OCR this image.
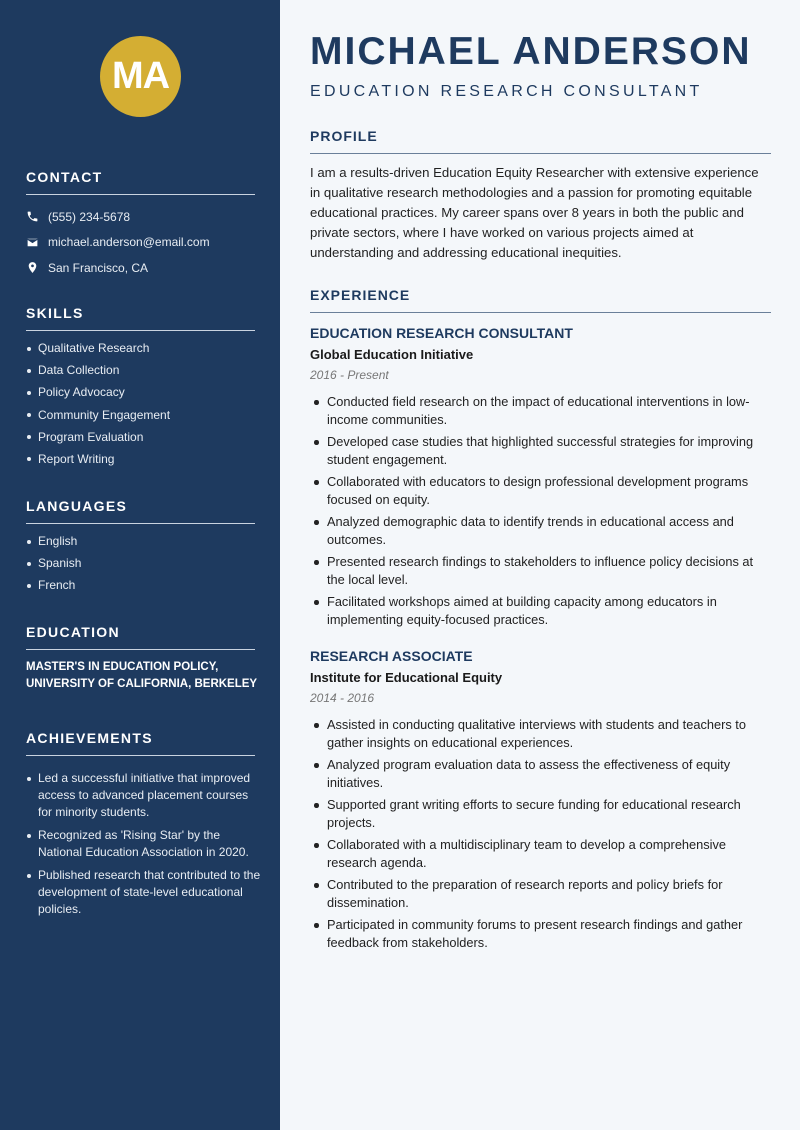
MA
CONTACT
(555) 234-5678
michael.anderson@email.com
San Francisco, CA
SKILLS
Qualitative Research
Data Collection
Policy Advocacy
Community Engagement
Program Evaluation
Report Writing
LANGUAGES
English
Spanish
French
EDUCATION
MASTER'S IN EDUCATION POLICY,
UNIVERSITY OF CALIFORNIA, BERKELEY
ACHIEVEMENTS
Led a successful initiative that improved access to advanced placement courses for minority students.
Recognized as 'Rising Star' by the National Education Association in 2020.
Published research that contributed to the development of state-level educational policies.
MICHAEL ANDERSON
EDUCATION RESEARCH CONSULTANT
PROFILE
I am a results-driven Education Equity Researcher with extensive experience in qualitative research methodologies and a passion for promoting equitable educational practices. My career spans over 8 years in both the public and private sectors, where I have worked on various projects aimed at understanding and addressing educational inequities.
EXPERIENCE
EDUCATION RESEARCH CONSULTANT
Global Education Initiative
2016 - Present
Conducted field research on the impact of educational interventions in low-income communities.
Developed case studies that highlighted successful strategies for improving student engagement.
Collaborated with educators to design professional development programs focused on equity.
Analyzed demographic data to identify trends in educational access and outcomes.
Presented research findings to stakeholders to influence policy decisions at the local level.
Facilitated workshops aimed at building capacity among educators in implementing equity-focused practices.
RESEARCH ASSOCIATE
Institute for Educational Equity
2014 - 2016
Assisted in conducting qualitative interviews with students and teachers to gather insights on educational experiences.
Analyzed program evaluation data to assess the effectiveness of equity initiatives.
Supported grant writing efforts to secure funding for educational research projects.
Collaborated with a multidisciplinary team to develop a comprehensive research agenda.
Contributed to the preparation of research reports and policy briefs for dissemination.
Participated in community forums to present research findings and gather feedback from stakeholders.
